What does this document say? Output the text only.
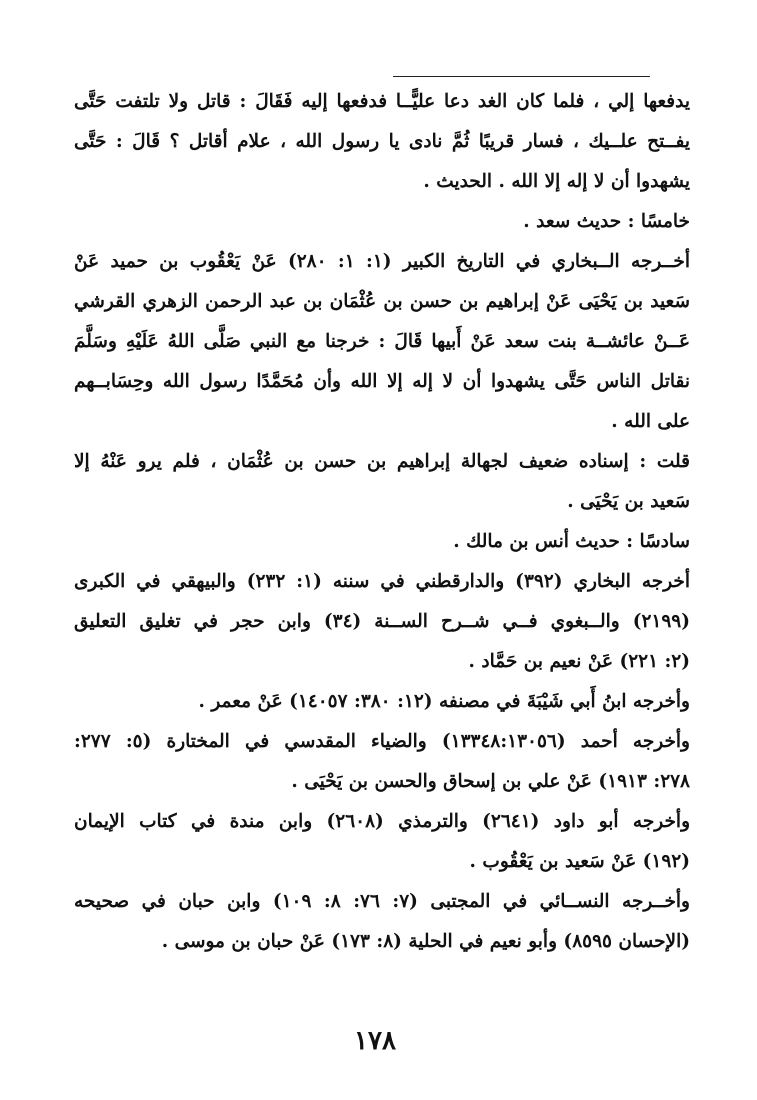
يدفعها إلي ، فلما كان الغد دعا عليًّــا فدفعها إليه فَقَالَ : قاتل ولا تلتفت حَتَّى
يفــتح علــيك ، فسار قريبًا ثُمَّ نادى يا رسول الله ، علام أقاتل ؟ قَالَ : حَتَّى
يشهدوا أن لا إله إلا الله . الحديث .
خامسًا : حديث سعد .
أخــرجه الــبخاري في التاريخ الكبير (١: ١: ٢٨٠) عَنْ يَعْقُوب بن حميد عَنْ
سَعيد بن يَحْيَى عَنْ إبراهيم بن حسن بن عُثْمَان بن عبد الرحمن الزهري القرشي
عَــنْ عائشــة بنت سعد عَنْ أَبيها قَالَ : خرجنا مع النبي صَلَّى اللهُ عَلَيْهِ وسَلَّمَ
نقاتل الناس حَتَّى يشهدوا أن لا إله إلا الله وأن مُحَمَّدًا رسول الله وحِسَابــهم
على الله .
قلت : إسناده ضعيف لجهالة إبراهيم بن حسن بن عُثْمَان ، فلم يرو عَنْهُ إلا
سَعيد بن يَحْيَى .
سادسًا : حديث أنس بن مالك .
أخرجه البخاري (٣٩٢) والدارقطني في سننه (١: ٢٣٢) والبيهقي في الكبرى
(٢١٩٩) والــبغوي فــي شــرح الســنة (٣٤) وابن حجر في تغليق التعليق
(٢: ٢٢١) عَنْ نعيم بن حَمَّاد .
وأخرجه ابنُ أَبي شَيْبَةَ في مصنفه (١٢: ٣٨٠: ١٤٠٥٧) عَنْ معمر .
وأخرجه أحمد (١٣٣٤٨:١٣٠٥٦) والضياء المقدسي في المختارة (٥: ٢٧٧:
٢٧٨: ١٩١٣) عَنْ علي بن إسحاق والحسن بن يَحْيَى .
وأخرجه أبو داود (٢٦٤١) والترمذي (٢٦٠٨) وابن مندة في كتاب الإيمان
(١٩٢) عَنْ سَعيد بن يَعْقُوب .
وأخــرجه النســائي في المجتبى (٧: ٧٦: ٨: ١٠٩) وابن حبان في صحيحه
(الإحسان ٨٥٩٥) وأبو نعيم في الحلية (٨: ١٧٣) عَنْ حبان بن موسى .
١٧٨
